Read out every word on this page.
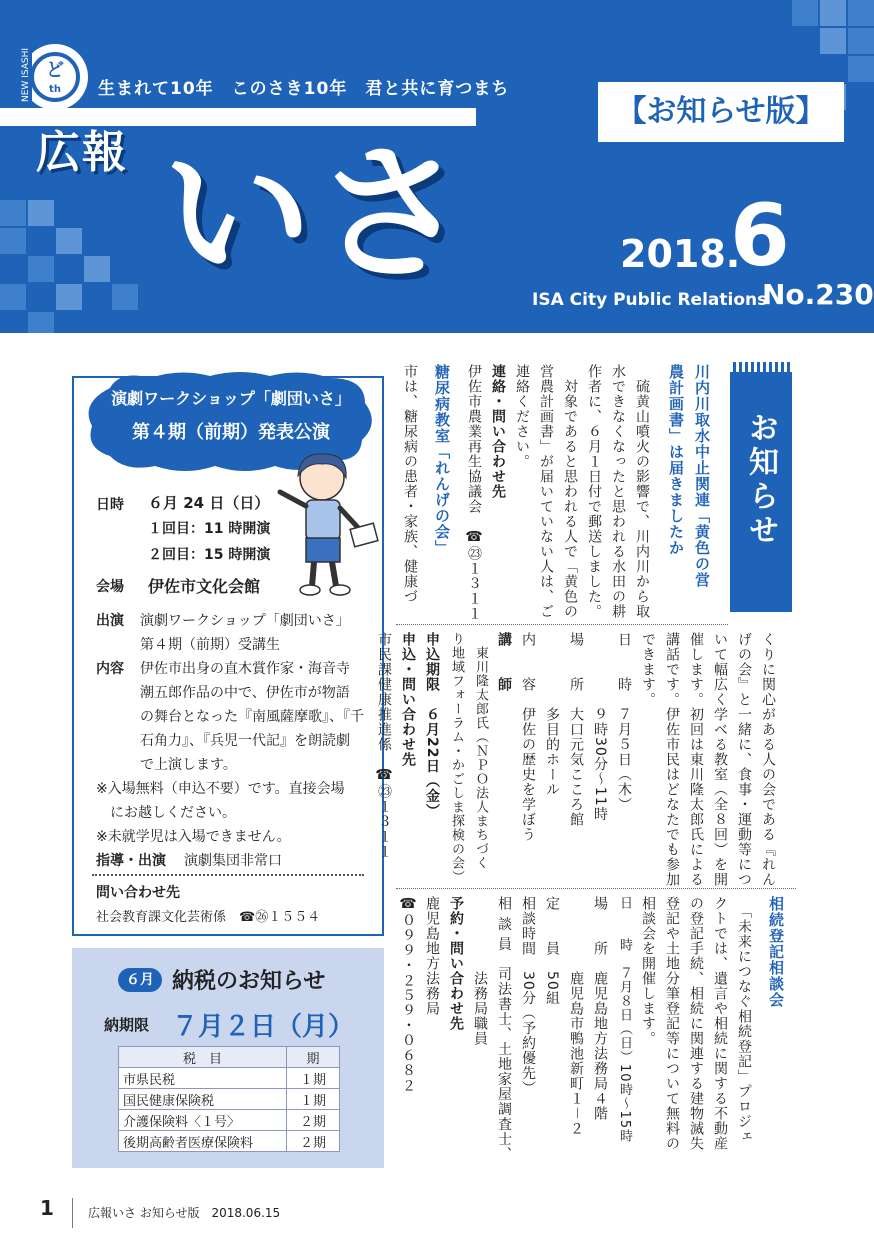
ど
th
NEW ISASHI	生まれて10年　このさき10年　君と共に育つまち
広報 いさ
【お知らせ版】
2018.
6
ISA City Public Relations
No.230
演劇ワークショップ「劇団いさ」
第４期（前期）発表公演
日時 ６月 24 日（日）
１回目：11 時開演
２回目：15 時開演
会場 伊佐市文化会館
出演 演劇ワークショップ「劇団いさ」
第４期（前期）受講生
内容 伊佐市出身の直木賞作家・海音寺
潮五郎作品の中で、伊佐市が物語
の舞台となった『南風薩摩歌』、『千
石角力』、『兵児一代記』を朗読劇
で上演します。
※入場無料（申込不要）です。直接会場
　にお越しください。
※未就学児は入場できません。
指導・出演 演劇集団非常口
問い合わせ先
社会教育課文化芸術係　☎㉖１５５４
６月 納税のお知らせ
納期限 ７月２日（月）
税　目	期
市県民税	１期
国民健康保険税	１期
介護保険料〈１号〉	２期
後期高齢者医療保険料	２期
お知らせ
川内川取水中止関連「黄色の営
農計画書」は届きましたか
　硫黄山噴火の影響で、川内川から取
水できなくなったと思われる水田の耕
作者に、６月１日付で郵送しました。
　対象であると思われる人で「黄色の
営農計画書」が届いていない人は、ご
連絡ください。
連絡・問い合わせ先
伊佐市農業再生協議会　☎㉓１３１１
糖尿病教室「れんげの会」
市は、糖尿病の患者・家族、健康づ
くりに関心がある人の会である『れん
げの会』と一緒に、食事・運動等につ
いて幅広く学べる教室（全８回）を開
催します。初回は東川隆太郎氏による
講話です。伊佐市民はどなたでも参加
できます。
日　　時　７月５日（木）
　　　　　９時30分～11時
場　　所　大口元気こころ館
　　　　　多目的ホール
内　　容　伊佐の歴史を学ぼう
講　　師
　東川隆太郎氏（ＮＰＯ法人まちづく
り地域フォーラム・かごしま探検の会）
申込期限　６月22日（金）
申込・問い合わせ先
相続登記相談会
　「未来につなぐ相続登記」プロジェ
クトでは、遺言や相続に関する不動産
の登記手続、相続に関連する建物滅失
登記や土地分筆登記等について無料の
相談会を開催します。
日　　時　７月８日（日）10時～15時
場　　所　鹿児島地方法務局４階
　　　　　鹿児島市鴨池新町１－２
定　　員　50組
相談時間　30分（予約優先）
相 談 員　司法書士、土地家屋調査士、
　　　　　法務局職員
予約・問い合わせ先
鹿児島地方法務局
☎０９９・２５９・０６８２
市民課健康推進係　☎㉓１３１１
1	広報いさ お知らせ版　2018.06.15
